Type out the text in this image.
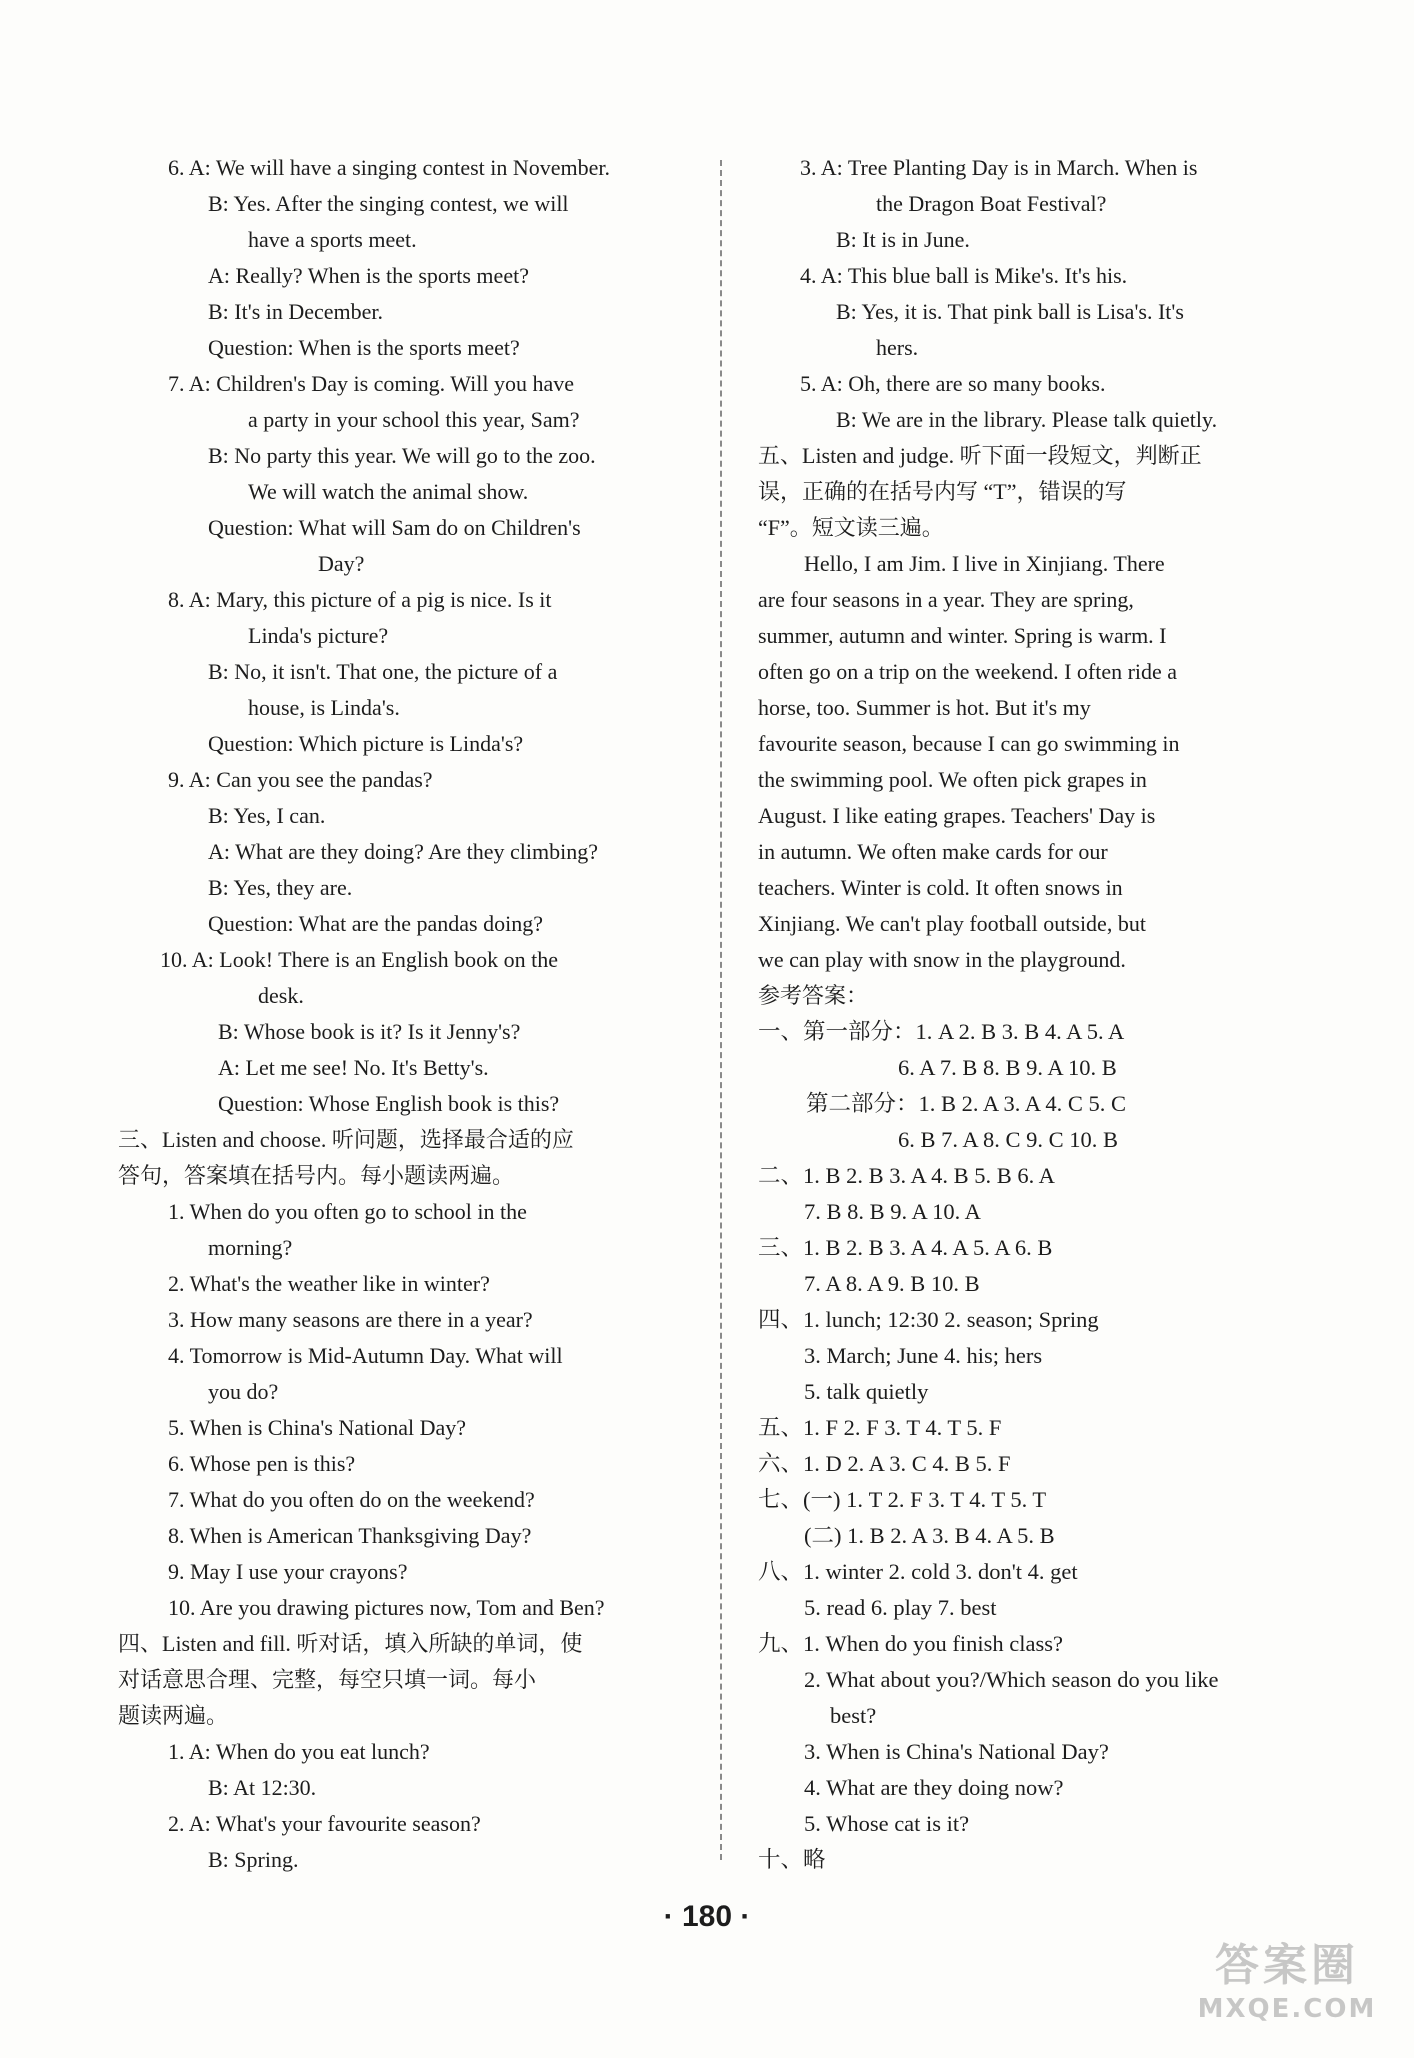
6. A: We will have a singing contest in November.
B: Yes. After the singing contest, we will
have a sports meet.
A: Really? When is the sports meet?
B: It's in December.
Question: When is the sports meet?
7. A: Children's Day is coming. Will you have
a party in your school this year, Sam?
B: No party this year. We will go to the zoo.
We will watch the animal show.
Question: What will Sam do on Children's
Day?
8. A: Mary, this picture of a pig is nice. Is it
Linda's picture?
B: No, it isn't. That one, the picture of a
house, is Linda's.
Question: Which picture is Linda's?
9. A: Can you see the pandas?
B: Yes, I can.
A: What are they doing? Are they climbing?
B: Yes, they are.
Question: What are the pandas doing?
10. A: Look! There is an English book on the
desk.
B: Whose book is it? Is it Jenny's?
A: Let me see! No. It's Betty's.
Question: Whose English book is this?
三、Listen and choose. 听问题，选择最合适的应
答句，答案填在括号内。每小题读两遍。
1. When do you often go to school in the
morning?
2. What's the weather like in winter?
3. How many seasons are there in a year?
4. Tomorrow is Mid-Autumn Day. What will
you do?
5. When is China's National Day?
6. Whose pen is this?
7. What do you often do on the weekend?
8. When is American Thanksgiving Day?
9. May I use your crayons?
10. Are you drawing pictures now, Tom and Ben?
四、Listen and fill. 听对话，填入所缺的单词，使
对话意思合理、完整，每空只填一词。每小
题读两遍。
1. A: When do you eat lunch?
B: At 12:30.
2. A: What's your favourite season?
B: Spring.
3. A: Tree Planting Day is in March. When is
the Dragon Boat Festival?
B: It is in June.
4. A: This blue ball is Mike's. It's his.
B: Yes, it is. That pink ball is Lisa's. It's
hers.
5. A: Oh, there are so many books.
B: We are in the library. Please talk quietly.
五、Listen and judge. 听下面一段短文，判断正
误，正确的在括号内写 “T”，错误的写
“F”。短文读三遍。
Hello, I am Jim. I live in Xinjiang. There
are four seasons in a year. They are spring,
summer, autumn and winter. Spring is warm. I
often go on a trip on the weekend. I often ride a
horse, too. Summer is hot. But it's my
favourite season, because I can go swimming in
the swimming pool. We often pick grapes in
August. I like eating grapes. Teachers' Day is
in autumn. We often make cards for our
teachers. Winter is cold. It often snows in
Xinjiang. We can't play football outside, but
we can play with snow in the playground.
参考答案：
一、第一部分：1. A 2. B 3. B 4. A 5. A
6. A 7. B 8. B 9. A 10. B
第二部分：1. B 2. A 3. A 4. C 5. C
6. B 7. A 8. C 9. C 10. B
二、1. B 2. B 3. A 4. B 5. B 6. A
7. B 8. B 9. A 10. A
三、1. B 2. B 3. A 4. A 5. A 6. B
7. A 8. A 9. B 10. B
四、1. lunch; 12:30 2. season; Spring
3. March; June 4. his; hers
5. talk quietly
五、1. F 2. F 3. T 4. T 5. F
六、1. D 2. A 3. C 4. B 5. F
七、(一) 1. T 2. F 3. T 4. T 5. T
(二) 1. B 2. A 3. B 4. A 5. B
八、1. winter 2. cold 3. don't 4. get
5. read 6. play 7. best
九、1. When do you finish class?
2. What about you?/Which season do you like
best?
3. When is China's National Day?
4. What are they doing now?
5. Whose cat is it?
十、略
· 180 ·
答案圈
MXQE.COM
